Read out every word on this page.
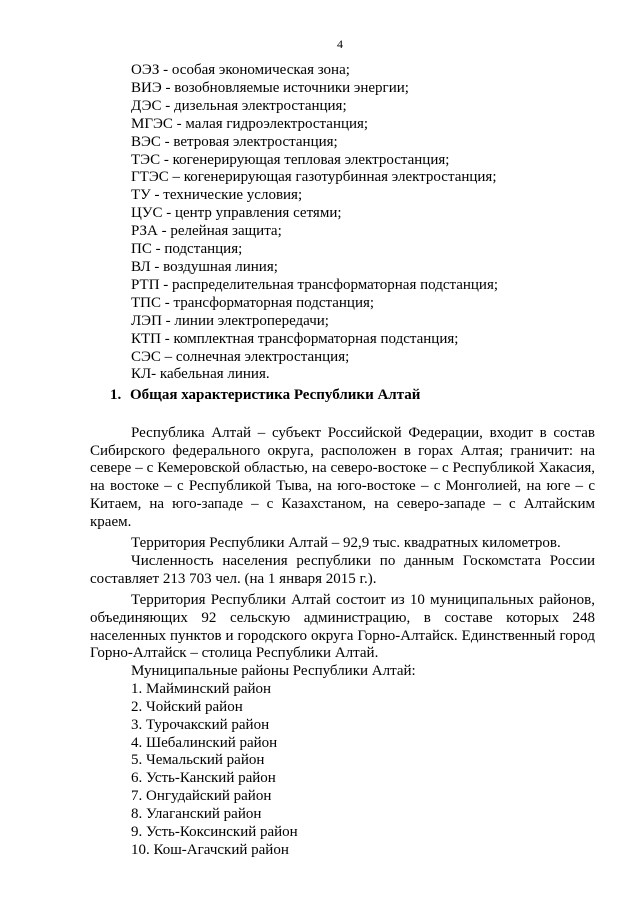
4
ОЭЗ - особая экономическая зона;
ВИЭ - возобновляемые источники энергии;
ДЭС - дизельная электростанция;
МГЭС - малая гидроэлектростанция;
ВЭС - ветровая электростанция;
ТЭС - когенерирующая тепловая электростанция;
ГТЭС – когенерирующая газотурбинная электростанция;
ТУ - технические условия;
ЦУС - центр управления сетями;
РЗА - релейная защита;
ПС - подстанция;
ВЛ - воздушная линия;
РТП - распределительная трансформаторная подстанция;
ТПС - трансформаторная подстанция;
ЛЭП - линии электропередачи;
КТП - комплектная трансформаторная подстанция;
СЭС – солнечная электростанция;
КЛ- кабельная линия.
1. Общая характеристика Республики Алтай

Республика Алтай – субъект Российской Федерации, входит в состав Сибирского федерального округа, расположен в горах Алтая; граничит: на севере – с Кемеровской областью, на северо-востоке – с Республикой Хакасия, на востоке – с Республикой Тыва, на юго-востоке – с Монголией, на юге – с Китаем, на юго-западе – с Казахстаном, на северо-западе – с Алтайским краем.

Территория Республики Алтай – 92,9 тыс. квадратных километров.

Численность населения республики по данным Госкомстата России составляет 213 703 чел. (на 1 января 2015 г.).

Территория Республики Алтай состоит из 10 муниципальных районов, объединяющих 92 сельскую администрацию, в составе которых 248 населенных пунктов и городского округа Горно-Алтайск. Единственный город Горно-Алтайск – столица Республики Алтай.

Муниципальные районы Республики Алтай:

1. Майминский район
2. Чойский район
3. Турочакский район
4. Шебалинский район
5. Чемальский район
6. Усть-Канский район
7. Онгудайский район
8. Улаганский район
9. Усть-Коксинский район
10. Кош-Агачский район
